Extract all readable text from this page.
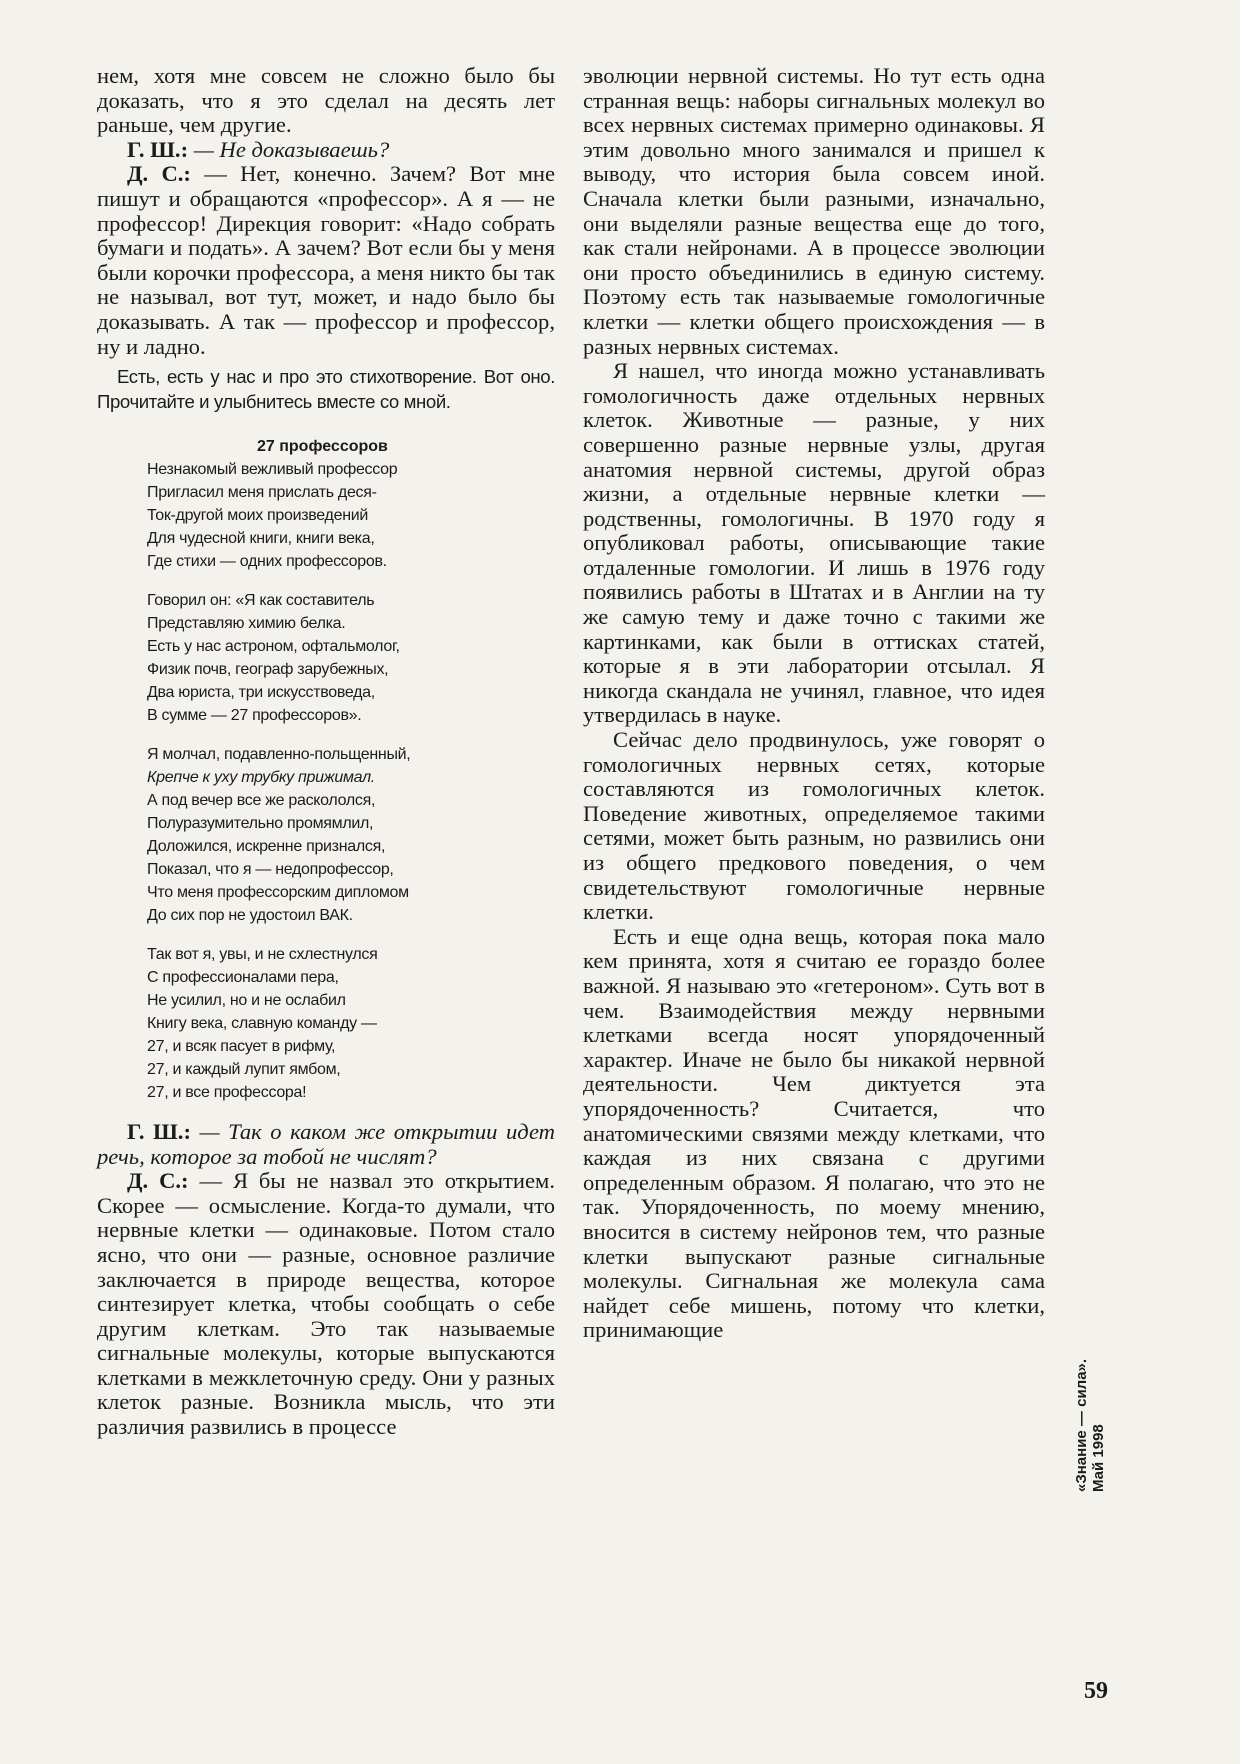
нем, хотя мне совсем не сложно было бы доказать, что я это сделал на десять лет раньше, чем другие.

Г. Ш.: — Не доказываешь?

Д. С.: — Нет, конечно. Зачем? Вот мне пишут и обращаются «профессор». А я — не профессор! Дирекция говорит: «Надо собрать бумаги и подать». А зачем? Вот если бы у меня были корочки профессора, а меня никто бы так не называл, вот тут, может, и надо было бы доказывать. А так — профессор и профессор, ну и ладно.

Есть, есть у нас и про это стихотворение. Вот оно. Прочитайте и улыбнитесь вместе со мной.

27 профессоров
Незнакомый вежливый профессор
Пригласил меня прислать деся-
Ток-другой моих произведений
Для чудесной книги, книги века,
Где стихи — одних профессоров.
Говорил он: «Я как составитель
Представляю химию белка.
Есть у нас астроном, офтальмолог,
Физик почв, географ зарубежных,
Два юриста, три искусствоведа,
В сумме — 27 профессоров».
Я молчал, подавленно-польщенный,
Крепче к уху трубку прижимал.
А под вечер все же раскололся,
Полуразумительно промямлил,
Доложился, искренне признался,
Показал, что я — недопрофессор,
Что меня профессорским дипломом
До сих пор не удостоил ВАК.
Так вот я, увы, и не схлестнулся
С профессионалами пера,
Не усилил, но и не ослабил
Книгу века, славную команду —
27, и всяк пасует в рифму,
27, и каждый лупит ямбом,
27, и все профессора!

Г. Ш.: — Так о каком же открытии идет речь, которое за тобой не числят?

Д. С.: — Я бы не назвал это открытием. Скорее — осмысление. Когда-то думали, что нервные клетки — одинаковые. Потом стало ясно, что они — разные, основное различие заключается в природе вещества, которое синтезирует клетка, чтобы сообщать о себе другим клеткам. Это так называемые сигнальные молекулы, которые выпускаются клетками в межклеточную среду. Они у разных клеток разные. Возникла мысль, что эти различия развились в процессе

эволюции нервной системы. Но тут есть одна странная вещь: наборы сигнальных молекул во всех нервных системах примерно одинаковы. Я этим довольно много занимался и пришел к выводу, что история была совсем иной. Сначала клетки были разными, изначально, они выделяли разные вещества еще до того, как стали нейронами. А в процессе эволюции они просто объединились в единую систему. Поэтому есть так называемые гомологичные клетки — клетки общего происхождения — в разных нервных системах.

Я нашел, что иногда можно устанавливать гомологичность даже отдельных нервных клеток. Животные — разные, у них совершенно разные нервные узлы, другая анатомия нервной системы, другой образ жизни, а отдельные нервные клетки — родственны, гомологичны. В 1970 году я опубликовал работы, описывающие такие отдаленные гомологии. И лишь в 1976 году появились работы в Штатах и в Англии на ту же самую тему и даже точно с такими же картинками, как были в оттисках статей, которые я в эти лаборатории отсылал. Я никогда скандала не учинял, главное, что идея утвердилась в науке.

Сейчас дело продвинулось, уже говорят о гомологичных нервных сетях, которые составляются из гомологичных клеток. Поведение животных, определяемое такими сетями, может быть разным, но развились они из общего предкового поведения, о чем свидетельствуют гомологичные нервные клетки.

Есть и еще одна вещь, которая пока мало кем принята, хотя я считаю ее гораздо более важной. Я называю это «гетероном». Суть вот в чем. Взаимодействия между нервными клетками всегда носят упорядоченный характер. Иначе не было бы никакой нервной деятельности. Чем диктуется эта упорядоченность? Считается, что анатомическими связями между клетками, что каждая из них связана с другими определенным образом. Я полагаю, что это не так. Упорядоченность, по моему мнению, вносится в систему нейронов тем, что разные клетки выпускают разные сигнальные молекулы. Сигнальная же молекула сама найдет себе мишень, потому что клетки, принимающие

«Знание — сила». Май 1998
59
